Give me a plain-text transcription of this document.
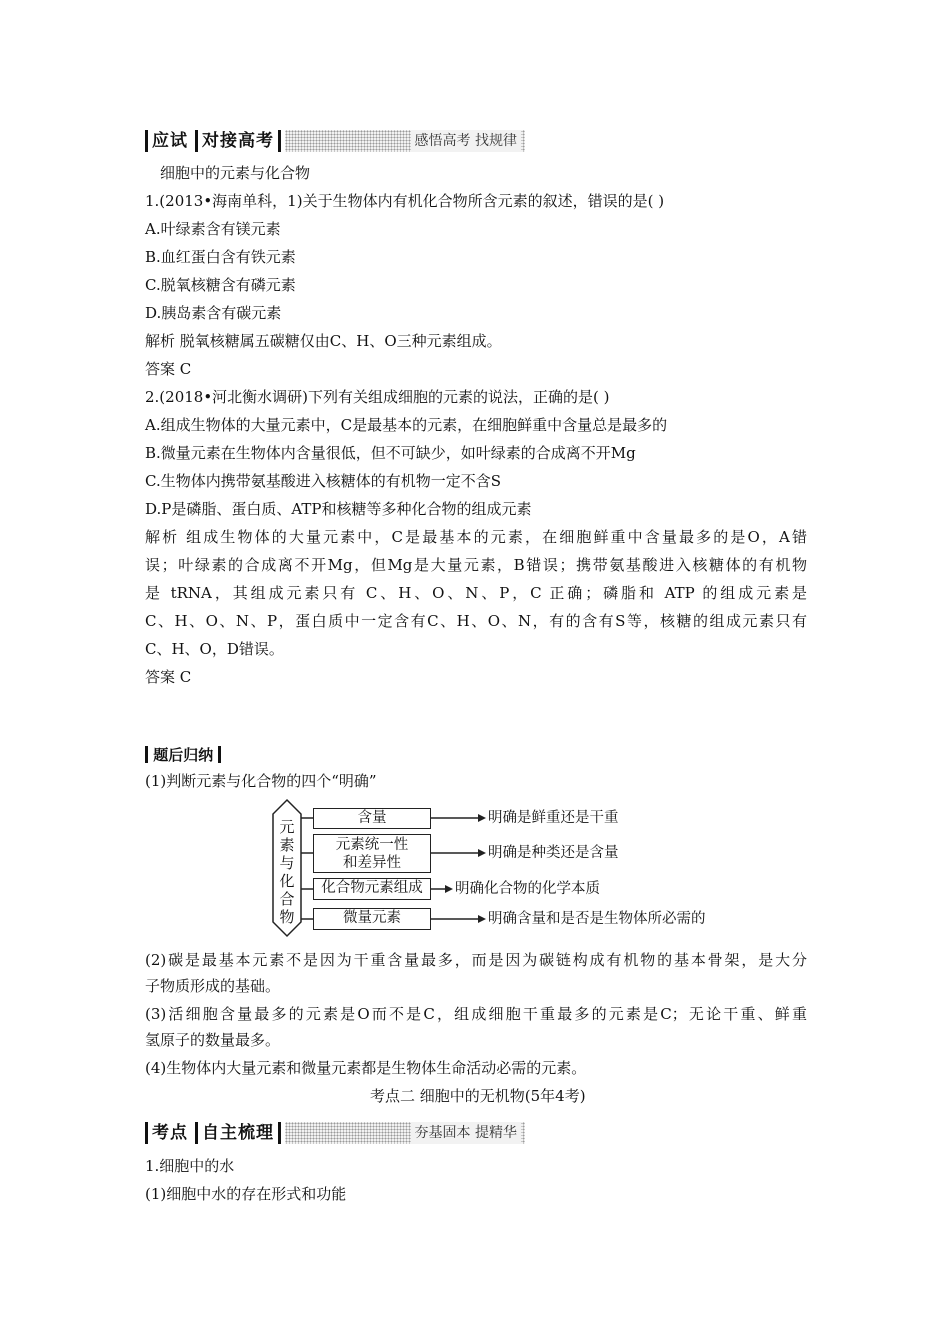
应试 对接高考	感悟高考 找规律
细胞中的元素与化合物
1.(2013•海南单科，1)关于生物体内有机化合物所含元素的叙述，错误的是( )
A.叶绿素含有镁元素
B.血红蛋白含有铁元素
C.脱氧核糖含有磷元素
D.胰岛素含有碳元素
解析 脱氧核糖属五碳糖仅由C、H、O三种元素组成。
答案 C
2.(2018•河北衡水调研)下列有关组成细胞的元素的说法，正确的是( )
A.组成生物体的大量元素中，C是最基本的元素，在细胞鲜重中含量总是最多的
B.微量元素在生物体内含量很低，但不可缺少，如叶绿素的合成离不开Mg
C.生物体内携带氨基酸进入核糖体的有机物一定不含S
D.P是磷脂、蛋白质、ATP和核糖等多种化合物的组成元素
解析 组成生物体的大量元素中，C是最基本的元素，在细胞鲜重中含量最多的是O，A错
误；叶绿素的合成离不开Mg，但Mg是大量元素，B错误；携带氨基酸进入核糖体的有机物
是 tRNA，其组成元素只有 C、H、O、N、P，C 正确；磷脂和 ATP 的组成元素是
C、H、O、N、P，蛋白质中一定含有C、H、O、N，有的含有S等，核糖的组成元素只有
C、H、O，D错误。
答案 C
题后归纳
(1)判断元素与化合物的四个“明确”
元
素
与
化
合
物
含量	明确是鲜重还是干重
元素统一性和差异性
明确是种类还是含量
化合物元素组成	明确化合物的化学本质
微量元素	明确含量和是否是生物体所必需的
(2)碳是最基本元素不是因为干重含量最多，而是因为碳链构成有机物的基本骨架，是大分
子物质形成的基础。
(3)活细胞含量最多的元素是O而不是C，组成细胞干重最多的元素是C；无论干重、鲜重
氢原子的数量最多。
(4)生物体内大量元素和微量元素都是生物体生命活动必需的元素。
考点二 细胞中的无机物(5年4考)
考点 自主梳理	夯基固本 提精华
1.细胞中的水
(1)细胞中水的存在形式和功能
